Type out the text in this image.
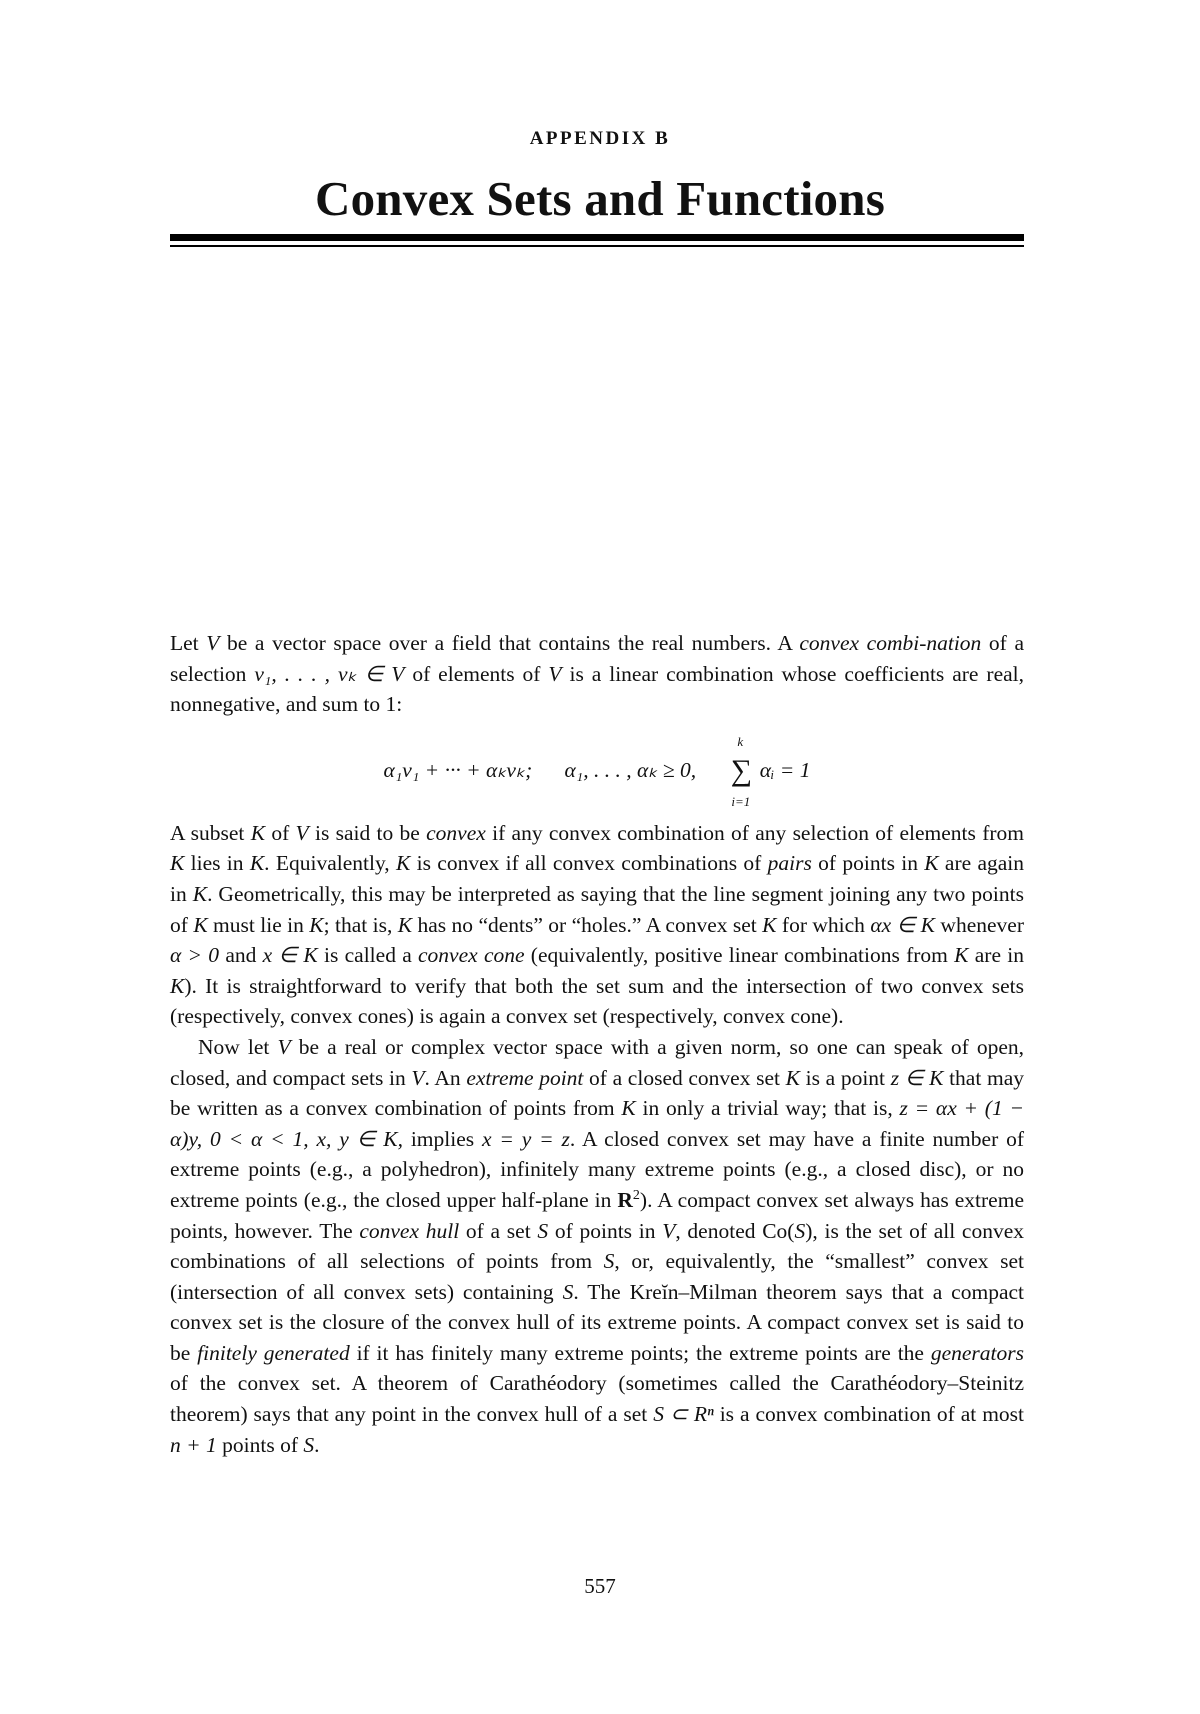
APPENDIX B
Convex Sets and Functions

Let V be a vector space over a field that contains the real numbers. A convex combi-nation of a selection v₁, . . . , vₖ ∈ V of elements of V is a linear combination whose coefficients are real, nonnegative, and sum to 1:

α₁v₁ + ··· + αₖvₖ; α₁, . . . , αₖ ≥ 0,
k
∑
i=1
αᵢ = 1

A subset K of V is said to be convex if any convex combination of any selection of elements from K lies in K. Equivalently, K is convex if all convex combinations of pairs of points in K are again in K. Geometrically, this may be interpreted as saying that the line segment joining any two points of K must lie in K; that is, K has no “dents” or “holes.” A convex set K for which αx ∈ K whenever α > 0 and x ∈ K is called a convex cone (equivalently, positive linear combinations from K are in K). It is straightforward to verify that both the set sum and the intersection of two convex sets (respectively, convex cones) is again a convex set (respectively, convex cone).

Now let V be a real or complex vector space with a given norm, so one can speak of open, closed, and compact sets in V. An extreme point of a closed convex set K is a point z ∈ K that may be written as a convex combination of points from K in only a trivial way; that is, z = αx + (1 − α)y, 0 < α < 1, x, y ∈ K, implies x = y = z. A closed convex set may have a finite number of extreme points (e.g., a polyhedron), infinitely many extreme points (e.g., a closed disc), or no extreme points (e.g., the closed upper half-plane in $R^2$). A compact convex set always has extreme points, however. The convex hull of a set S of points in V, denoted Co(S), is the set of all convex combinations of all selections of points from S, or, equivalently, the “smallest” convex set (intersection of all convex sets) containing S. The Kreĭn–Milman theorem says that a compact convex set is the closure of the convex hull of its extreme points. A compact convex set is said to be finitely generated if it has finitely many extreme points; the extreme points are the generators of the convex set. A theorem of Carathéodory (sometimes called the Carathéodory–Steinitz theorem) says that any point in the convex hull of a set S ⊂ Rⁿ is a convex combination of at most n + 1 points of S.

557
